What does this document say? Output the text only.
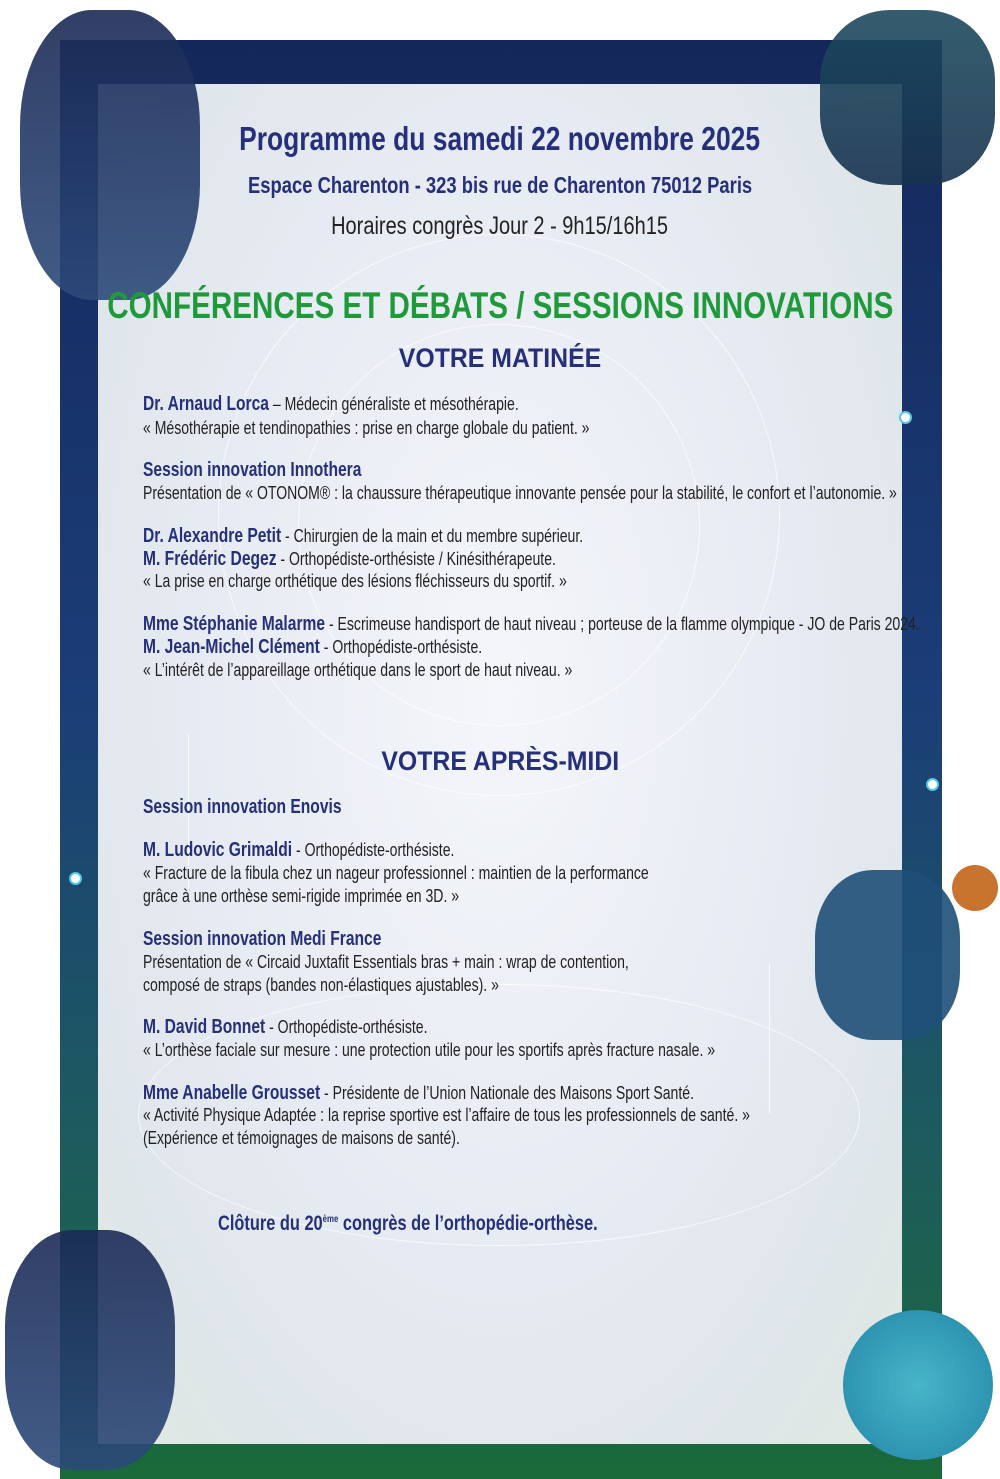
Programme du samedi 22 novembre 2025
Espace Charenton - 323 bis rue de Charenton 75012 Paris
Horaires congrès Jour 2 - 9h15/16h15
CONFÉRENCES ET DÉBATS / SESSIONS INNOVATIONS
VOTRE MATINÉE
VOTRE APRÈS-MIDI
Dr. Arnaud Lorca – Médecin généraliste et mésothérapie.
« Mésothérapie et tendinopathies : prise en charge globale du patient. »
Session innovation Innothera
Présentation de « OTONOM® : la chaussure thérapeutique innovante pensée pour la stabilité, le confort et l’autonomie. »
Dr. Alexandre Petit - Chirurgien de la main et du membre supérieur.
M. Frédéric Degez - Orthopédiste-orthésiste / Kinésithérapeute.
« La prise en charge orthétique des lésions fléchisseurs du sportif. »
Mme Stéphanie Malarme - Escrimeuse handisport de haut niveau ; porteuse de la flamme olympique - JO de Paris 2024.
M. Jean-Michel Clément - Orthopédiste-orthésiste.
« L’intérêt de l’appareillage orthétique dans le sport de haut niveau. »
Session innovation Enovis
M. Ludovic Grimaldi - Orthopédiste-orthésiste.
« Fracture de la fibula chez un nageur professionnel : maintien de la performance
grâce à une orthèse semi-rigide imprimée en 3D. »
Session innovation Medi France
Présentation de « Circaid Juxtafit Essentials bras + main : wrap de contention,
composé de straps (bandes non-élastiques ajustables). »
M. David Bonnet - Orthopédiste-orthésiste.
« L’orthèse faciale sur mesure : une protection utile pour les sportifs après fracture nasale. »
Mme Anabelle Grousset - Présidente de l’Union Nationale des Maisons Sport Santé.
« Activité Physique Adaptée : la reprise sportive est l’affaire de tous les professionnels de santé. »
(Expérience et témoignages de maisons de santé).
Clôture du 20ème congrès de l’orthopédie-orthèse.
